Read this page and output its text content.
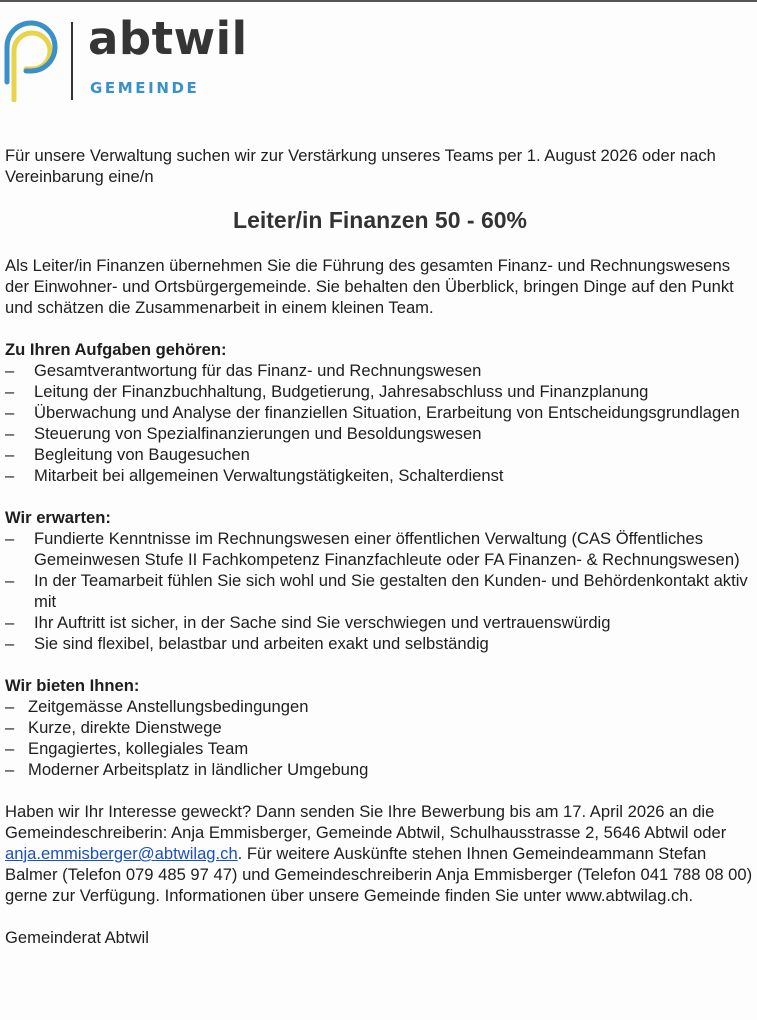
abtwil
GEMEINDE

Für unsere Verwaltung suchen wir zur Verstärkung unseres Teams per 1. August 2026 oder nach Vereinbarung eine/n

Leiter/in Finanzen 50 - 60%

Als Leiter/in Finanzen übernehmen Sie die Führung des gesamten Finanz- und Rechnungswesens der Einwohner- und Ortsbürgergemeinde. Sie behalten den Überblick, bringen Dinge auf den Punkt und schätzen die Zusammenarbeit in einem kleinen Team.

Zu Ihren Aufgaben gehören:

– Gesamtverantwortung für das Finanz- und Rechnungswesen
– Leitung der Finanzbuchhaltung, Budgetierung, Jahresabschluss und Finanzplanung
– Überwachung und Analyse der finanziellen Situation, Erarbeitung von Entscheidungsgrundlagen
– Steuerung von Spezialfinanzierungen und Besoldungswesen
– Begleitung von Baugesuchen
– Mitarbeit bei allgemeinen Verwaltungstätigkeiten, Schalterdienst

Wir erwarten:

– Fundierte Kenntnisse im Rechnungswesen einer öffentlichen Verwaltung (CAS Öffentliches Gemeinwesen Stufe II Fachkompetenz Finanzfachleute oder FA Finanzen- & Rechnungswesen)
– In der Teamarbeit fühlen Sie sich wohl und Sie gestalten den Kunden- und Behördenkontakt aktiv mit
– Ihr Auftritt ist sicher, in der Sache sind Sie verschwiegen und vertrauenswürdig
– Sie sind flexibel, belastbar und arbeiten exakt und selbständig

Wir bieten Ihnen:

– Zeitgemässe Anstellungsbedingungen
– Kurze, direkte Dienstwege
– Engagiertes, kollegiales Team
– Moderner Arbeitsplatz in ländlicher Umgebung

Haben wir Ihr Interesse geweckt? Dann senden Sie Ihre Bewerbung bis am 17. April 2026 an die Gemeindeschreiberin: Anja Emmisberger, Gemeinde Abtwil, Schulhausstrasse 2, 5646 Abtwil oder anja.emmisberger@abtwilag.ch. Für weitere Auskünfte stehen Ihnen Gemeindeammann Stefan Balmer (Telefon 079 485 97 47) und Gemeindeschreiberin Anja Emmisberger (Telefon 041 788 08 00) gerne zur Verfügung. Informationen über unsere Gemeinde finden Sie unter www.abtwilag.ch.

Gemeinderat Abtwil
